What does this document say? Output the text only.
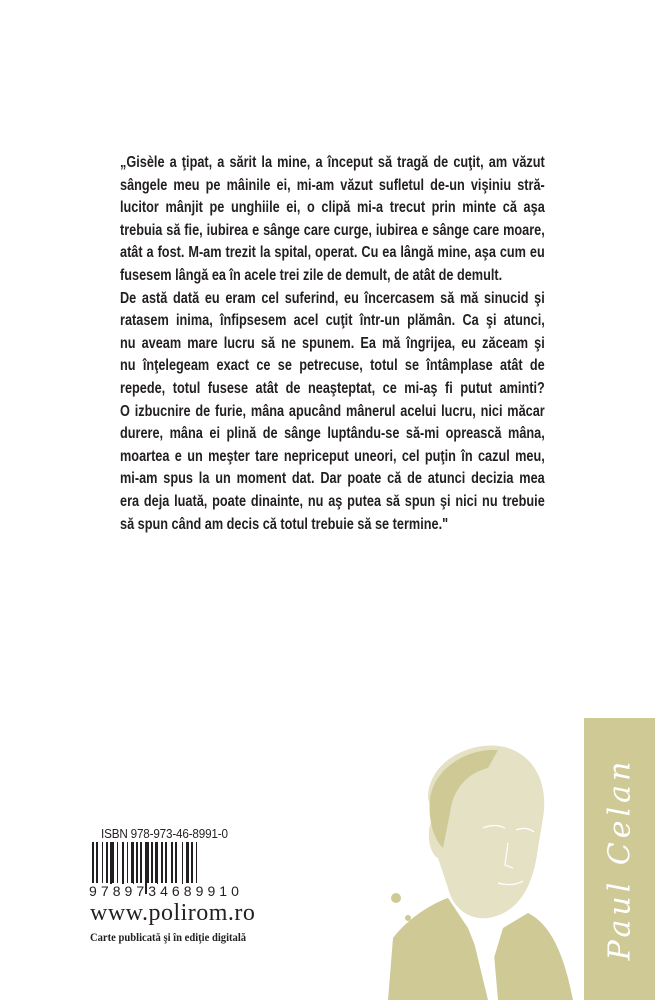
„Gisèle a ţipat, a sărit la mine, a început să tragă de cuţit, am văzut
sângele meu pe mâinile ei, mi-am văzut sufletul de-un vişiniu stră-
lucitor mânjit pe unghiile ei, o clipă mi-a trecut prin minte că aşa
trebuia să fie, iubirea e sânge care curge, iubirea e sânge care moare,
atât a fost. M-am trezit la spital, operat. Cu ea lângă mine, aşa cum eu
fusesem lângă ea în acele trei zile de demult, de atât de demult.
De astă dată eu eram cel suferind, eu încercasem să mă sinucid şi
ratasem inima, înfipsesem acel cuţit într-un plămân. Ca şi atunci,
nu aveam mare lucru să ne spunem. Ea mă îngrijea, eu zăceam şi
nu înţelegeam exact ce se petrecuse, totul se întâmplase atât de
repede, totul fusese atât de neaşteptat, ce mi-aş fi putut aminti?
O izbucnire de furie, mâna apucând mânerul acelui lucru, nici măcar
durere, mâna ei plină de sânge luptându-se să-mi oprească mâna,
moartea e un meşter tare nepriceput uneori, cel puţin în cazul meu,
mi-am spus la un moment dat. Dar poate că de atunci decizia mea
era deja luată, poate dinainte, nu aş putea să spun şi nici nu trebuie
să spun când am decis că totul trebuie să se termine."
ISBN 978-973-46-8991-0
9 7 8 9 7 3 4 6 8 9 9 1 0
www.polirom.ro
Carte publicată şi în ediţie digitală	Paul Celan
